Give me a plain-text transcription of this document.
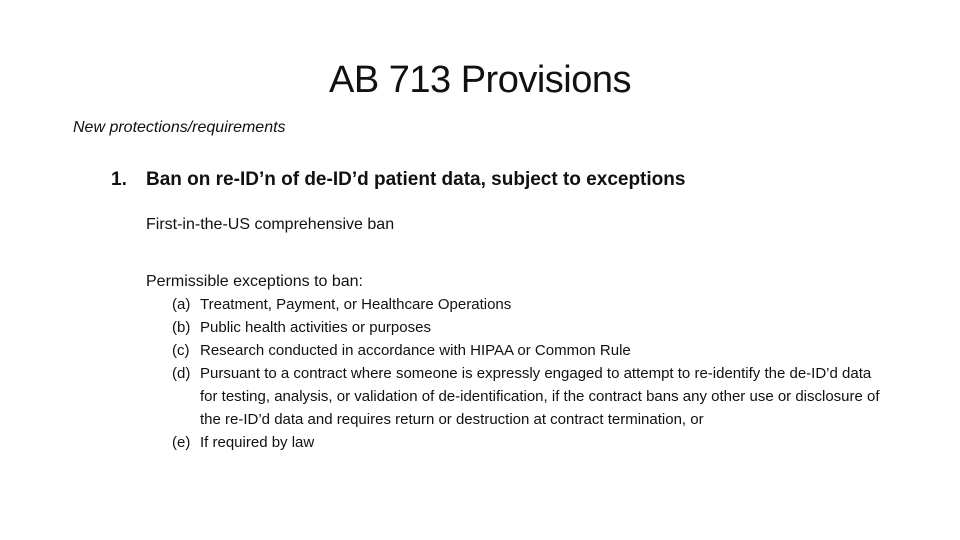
AB 713 Provisions
New protections/requirements
1. Ban on re-ID’n of de-ID’d patient data, subject to exceptions
First-in-the-US comprehensive ban
Permissible exceptions to ban:
(a) Treatment, Payment, or Healthcare Operations
(b) Public health activities or purposes
(c) Research conducted in accordance with HIPAA or Common Rule
(d) Pursuant to a contract where someone is expressly engaged to attempt to re-identify the de-ID’d data for testing, analysis, or validation of de-identification, if the contract bans any other use or disclosure of the re-ID’d data and requires return or destruction at contract termination, or
(e) If required by law
